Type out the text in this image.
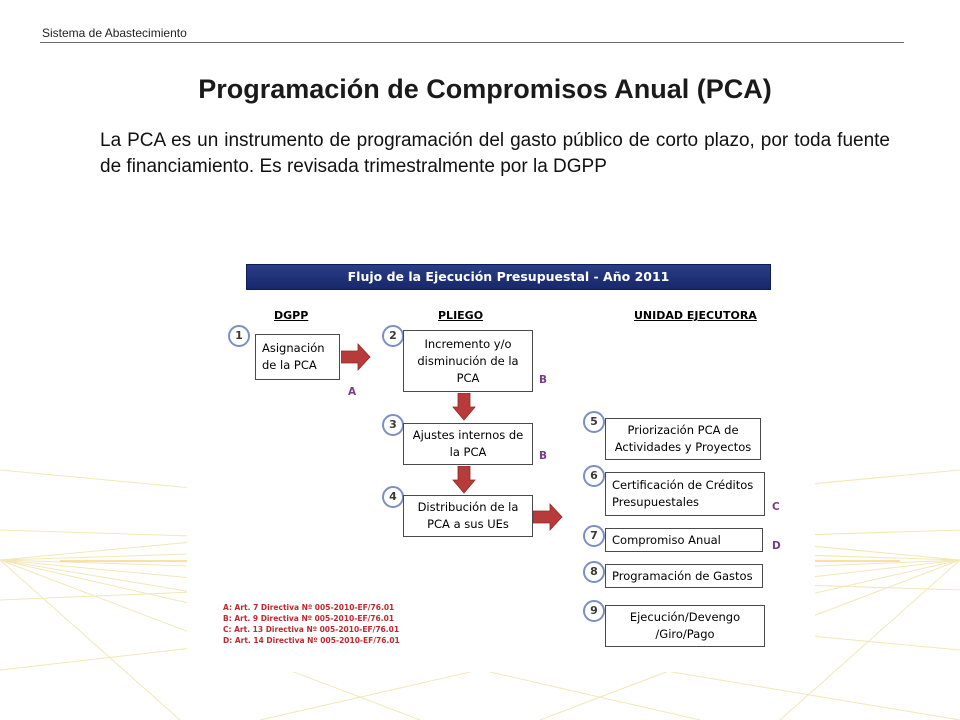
Sistema de Abastecimiento
Programación de Compromisos Anual (PCA)
La PCA es un instrumento de programación del gasto público de corto plazo, por toda fuente de financiamiento. Es revisada trimestralmente por la DGPP
Flujo de la Ejecución Presupuestal - Año 2011
DGPP	PLIEGO	UNIDAD EJECUTORA
1
Asignación de la PCA
2
Incremento y/o disminución de la PCA
3
Ajustes internos de la PCA
4
Distribución de la PCA a sus UEs
5
Priorización PCA de Actividades y Proyectos
6
Certificación de Créditos Presupuestales
7	Compromiso Anual
8	Programación de Gastos
9	Ejecución/Devengo /Giro/Pago
A
B
B
C
D
A: Art. 7 Directiva Nº 005-2010-EF/76.01
B: Art. 9 Directiva Nº 005-2010-EF/76.01
C: Art. 13 Directiva Nº 005-2010-EF/76.01
D: Art. 14 Directiva Nº 005-2010-EF/76.01
